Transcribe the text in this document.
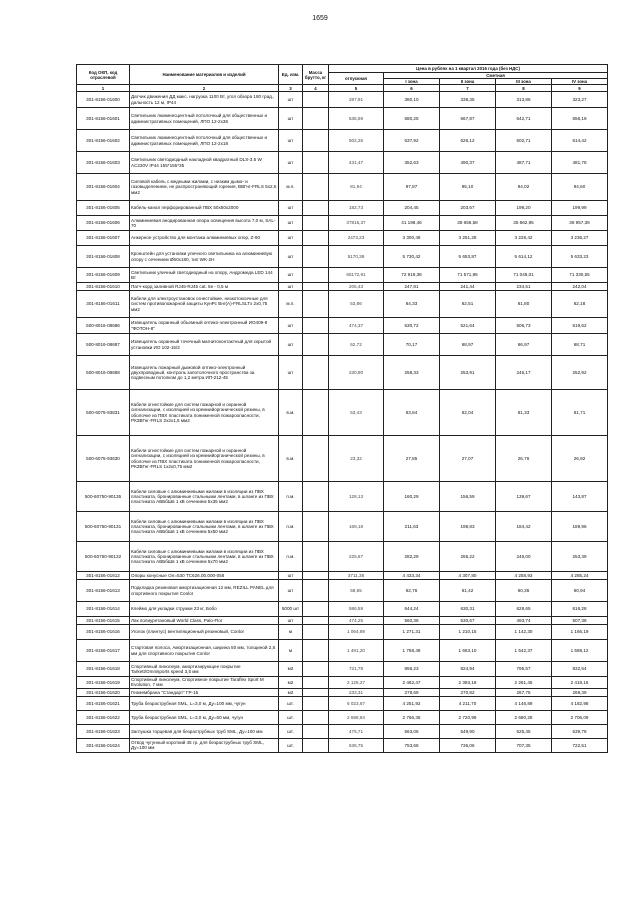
1659
Код ОКП, код отраслевой	Наименование материалов и изделий	Ед. изм.	Масса брутто, кг	Цена в рублях на 1 квартал 2016 года (без НДС)				
				отпускная	Сметная			
					I зона	II зона	III зона	IV зона
1	2	3	4	5	6	7	8	9
301-8156-01600	Датчик движения ДД макс. нагрузка 1100 Вт, угол обзора 180 град., дальность 12 м, IP44	шт		287,91	380,10	338,35	313,86	323,27
301-8156-01601	Светильник люминесцентный потолочный для общественных и административных помещений, ЛПО 12-2х36	шт		535,59	680,25	667,87	642,71	656,19
301-8156-01602	Светильник люминесцентный потолочный для общественных и административных помещений, ЛПО 12-2х18	шт		502,26	637,92	626,12	602,71	614,42
301-8156-01603	Светильник светодиодный накладной квадратный DLS-3.5 W AC230V IP44 155*155*35	шт		431,47	352,63	490,37	487,71	481,78
301-8156-01604	Силовой кабель с медными жилами, с низким дымо- и газовыделением, не распространяющий горения, ВВГнг-FRLS 5х2,5 мм2	м.п.		81,94	97,87	95,10	94,02	94,60
301-8156-01605	Кабель-канал перфорированный ПВХ 50х50х2000	шт		182,73	204,45	203,67	199,20	199,99
301-8156-01606	Алюминиевая анодированная опора освещения высота 7,0 м, SAL-70	шт		37815,37	41 198,46	38 656,58	35 862,95	36 957,39
301-8156-01607	Анкерное устройство для монтажа алюминиевых опор, Z-90	шт		2473,23	3 300,48	3 251,28	3 228,42	3 236,27
301-8156-01608	Кронштейн для установки уличного светильника на алюминиевую опору с сечением Ø60х180, тип WK-2H	шт		5170,38	5 730,42	5 653,87	5 614,12	5 633,23
301-8156-01609	Светильник уличный светодиодный на опору, Андромеда LED 144 Вт	шт		65172,91	72 919,38	71 571,95	71 046,01	71 330,55
301-8156-01610	Патч-корд заливной RJ45-RJ45 cat. 5e - 0,5 м	шт		205,43	247,81	241,44	234,51	242,04
301-8156-01611	Кабели для электроустановок огнестойкие, низкотоксичные для систем противопожарной защиты КунРс Внг(А)-FRLSLTх 2х0,75 мм2	м.п.		53,86	64,33	62,51	61,80	62,18
500-8016-08686	Извещатель охранный объемный оптико-электронный ИО409-8 "ФОТОН-8"	шт		474,37	530,72	521,64	506,73	519,62
500-8016-08687	Извещатель охранный точечный магнитоконтактный для скрытой установки ИО 102-15/2	шт		62,72	70,17	68,97	66,97	68,71
500-8016-08688	Извещатель пожарный дымовой оптико-электронный двухпроводный, контроль запотолочного пространства за подвесным потолком до 1,2 метра ИП-212-45	шт		230,90	258,33	253,91	246,17	252,92
500-6075-93831	Кабели огнестойкие для систем пожарной и охранной сигнализации, с изоляцией из кремнийорганической резины, в оболочке из ПВХ пластиката пониженной пожароопасности, РКЗВГнг-FRLS 2х2х1,5 мм2	в.м.		53,43	63,84	62,04	61,33	61,71
500-6075-93630	Кабели огнестойкие для систем пожарной и охранной сигнализации, с изоляцией из кремнийорганической резины, в оболочке из ПВХ пластиката пониженной пожароопасности, РКЗВГнг-FRLS 1х2х0,75 мм2	в.м.		23,32	27,85	27,07	26,76	26,92
500-60750-90135	Кабели силовые с алюминиевыми жилами в изоляции из ПВХ пластиката, бронированные стальными лентами, в шланге из ПВХ пластиката АВБбШв 1 кВ сечением 5х35 мм2	п.м.		128,13	160,29	156,59	139,67	143,87
500-60750-90131	Кабели силовые с алюминиевыми жилами в изоляции из ПВХ пластиката, бронированные стальными лентами, в шланге из ПВХ пластиката АВБбШв 1 кВ сечением 5х50 мм2	п.м.		169,18	211,63	198,83	184,42	189,96
500-60750-90132	Кабели силовые с алюминиевыми жилами в изоляции из ПВХ пластиката, бронированные стальными лентами, в шланге из ПВХ пластиката АВБбШв 1 кВ сечением 5х70 мм2	п.м.		225,67	282,29	265,22	246,00	253,39
301-8156-01612	Опоры конусные Ол=530 ТС626.00.000-058	шт		3711,38	4 433,34	4 307,80	4 258,93	4 285,24
301-8156-01613	Подкладка резиновая амортизационная 12 мм, REZILL PANEL для спортивного покрытия Conlor	шт		58,65	62,76	61,42	60,36	60,94
301-8156-01614	Клеймо для укладки стружки 23 кг, Бобо	5000 шт		586,59	644,24	630,31	628,65	616,28
301-8156-01615	Лак полиуретановый World Class, Palo-Flor	шт		474,25	560,36	530,67	493,74	507,38
301-8156-01616	Уголок (плинтус) вентиляционный резиновый, Conlor	м		1 064,89	1 271,31	1 210,15	1 142,30	1 166,19
301-8156-01617	Стартовая полоса, Амортизационная, ширина 50 мм, толщиной 2,5 мм для спортивного покрытия Conlor	м		1 481,20	1 768,48	1 663,10	1 542,37	1 588,12
301-8156-01618	Спортивный линолеум, амортизирующее покрытие Tarkett/Omnisports speed 3,5 мм	м2		721,79	856,23	824,94	795,57	832,54
301-8156-01619	Спортивный линолеум, Спортивное покрытие Taraflex Sport M Evolution, 7 мм	м2		2 125,27	2 462,47	2 393,18	2 261,45	2 418,16
301-8156-01620	Геомембрана "Стандарт" ГР-15	м2		233,31	278,69	270,82	267,75	269,39
301-8156-01621	Труба безраструбная SML, L=3,0 м, Ду=100 мм, чугун	шт.		6 023,67	4 251,92	4 211,70	4 146,89	4 182,98
301-8156-01622	Труба безраструбная SML, L=3,0 м, Ду=50 мм, чугун	шт.		2 598,84	2 766,35	2 720,99	2 680,28	2 706,09
301-8156-01623	Заглушка торцевая для безраструбных труб SML, Ду=100 мм	шт.		475,71	563,06	549,90	525,45	539,78
301-8156-01624	Отвод чугунный короткий 45 гр. для безраструбных труб SML, Ду=100 мм	шт.		636,75	753,68	736,06	707,35	722,51
